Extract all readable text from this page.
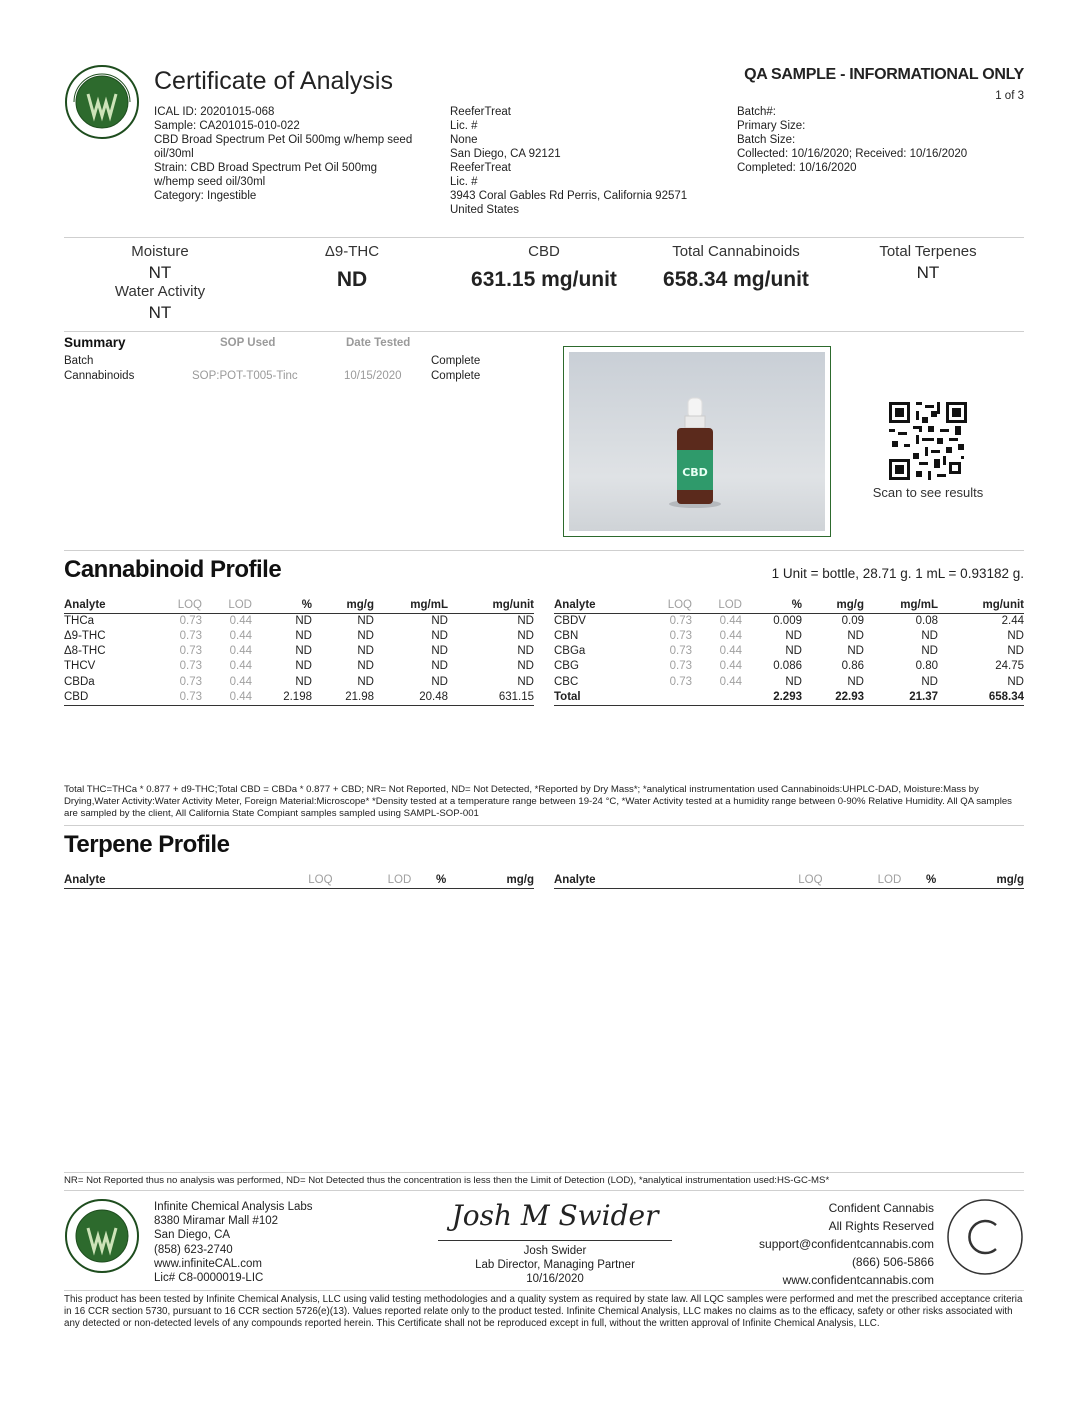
Certificate of Analysis	QA SAMPLE - INFORMATIONAL ONLY
1 of 3
ICAL ID: 20201015-068
Sample: CA201015-010-022
CBD Broad Spectrum Pet Oil 500mg w/hemp seed
oil/30ml
Strain: CBD Broad Spectrum Pet Oil 500mg
w/hemp seed oil/30ml
Category: Ingestible
ReeferTreat
Lic. #
None
San Diego, CA 92121
ReeferTreat
Lic. #
3943 Coral Gables Rd Perris, California 92571
United States
Batch#:
Primary Size:
Batch Size:
Collected: 10/16/2020; Received: 10/16/2020
Completed: 10/16/2020
Moisture
NT
Water Activity
NT
Δ9-THC
ND
CBD
631.15 mg/unit
Total Cannabinoids
658.34 mg/unit
Total Terpenes
NT
Summary	SOP Used	Date Tested
Batch	Complete
Cannabinoids	SOP:POT-T005-Tinc	10/15/2020	Complete
CBD
Scan to see results
Cannabinoid Profile	1 Unit = bottle, 28.71 g. 1 mL = 0.93182 g.
Analyte	LOQ	LOD	%	mg/g	mg/mL	mg/unit
THCa	0.73	0.44	ND	ND	ND	ND
Δ9-THC	0.73	0.44	ND	ND	ND	ND
Δ8-THC	0.73	0.44	ND	ND	ND	ND
THCV	0.73	0.44	ND	ND	ND	ND
CBDa	0.73	0.44	ND	ND	ND	ND
CBD	0.73	0.44	2.198	21.98	20.48	631.15
Analyte	LOQ	LOD	%	mg/g	mg/mL	mg/unit
CBDV	0.73	0.44	0.009	0.09	0.08	2.44
CBN	0.73	0.44	ND	ND	ND	ND
CBGa	0.73	0.44	ND	ND	ND	ND
CBG	0.73	0.44	0.086	0.86	0.80	24.75
CBC	0.73	0.44	ND	ND	ND	ND
Total			2.293	22.93	21.37	658.34
Total THC=THCa * 0.877 + d9-THC;Total CBD = CBDa * 0.877 + CBD; NR= Not Reported, ND= Not Detected, *Reported by Dry Mass*; *analytical instrumentation used Cannabinoids:UHPLC-DAD, Moisture:Mass by Drying,Water Activity:Water Activity Meter, Foreign Material:Microscope* *Density tested at a temperature range between 19-24 °C, *Water Activity tested at a humidity range between 0-90% Relative Humidity. All QA samples are sampled by the client, All California State Compiant samples sampled using SAMPL-SOP-001
Terpene Profile
Analyte	LOQ	LOD	%	mg/g Analyte	LOQ	LOD	%	mg/g
NR= Not Reported thus no analysis was performed, ND= Not Detected thus the concentration is less then the Limit of Detection (LOD), *analytical instrumentation used:HS-GC-MS*
Infinite Chemical Analysis Labs
8380 Miramar Mall #102
San Diego, CA
(858) 623-2740
www.infiniteCAL.com
Lic# C8-0000019-LIC
Josh M Swider
Josh Swider
Lab Director, Managing Partner
10/16/2020
Confident Cannabis
All Rights Reserved
support@confidentcannabis.com
(866) 506-5866
www.confidentcannabis.com
This product has been tested by Infinite Chemical Analysis, LLC using valid testing methodologies and a quality system as required by state law. All LQC samples were performed and met the prescribed acceptance criteria in 16 CCR section 5730, pursuant to 16 CCR section 5726(e)(13). Values reported relate only to the product tested. Infinite Chemical Analysis, LLC makes no claims as to the efficacy, safety or other risks associated with any detected or non-detected levels of any compounds reported herein. This Certificate shall not be reproduced except in full, without the written approval of Infinite Chemical Analysis, LLC.
